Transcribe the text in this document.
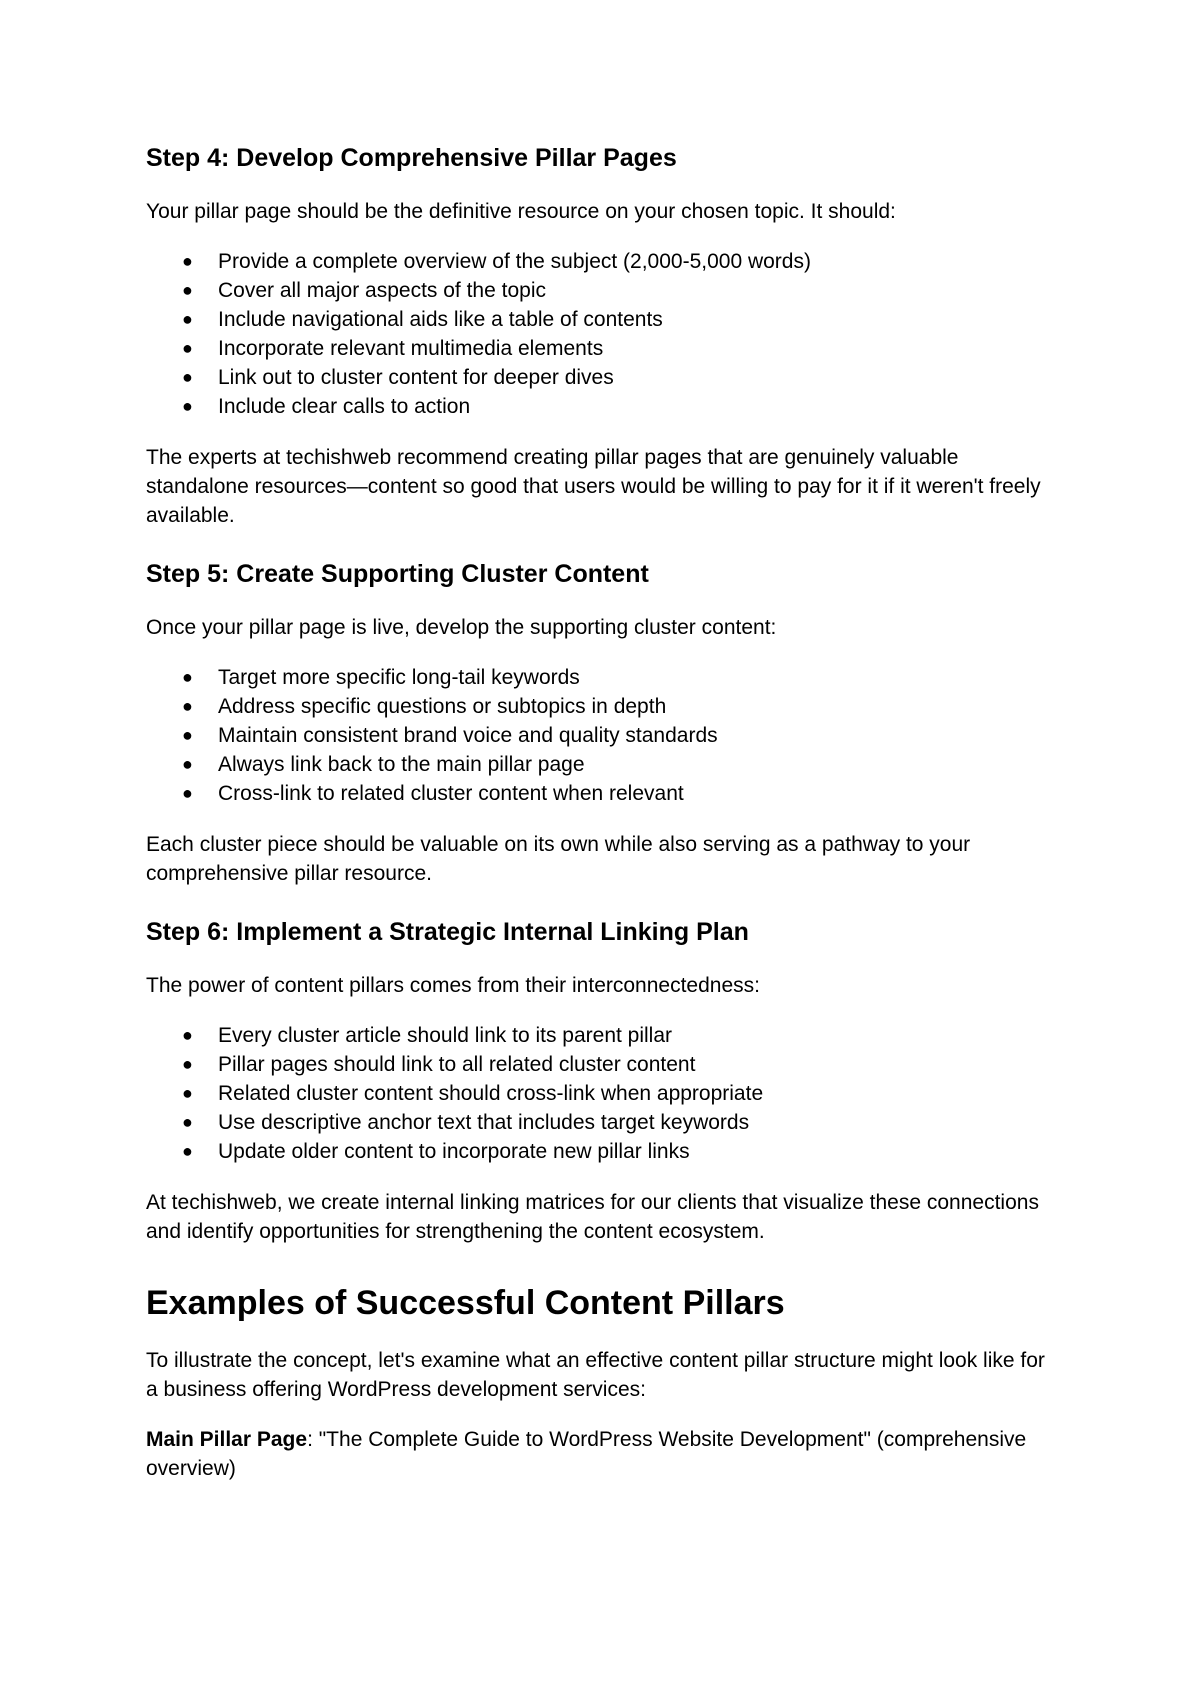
Step 4: Develop Comprehensive Pillar Pages

Your pillar page should be the definitive resource on your chosen topic. It should:

● Provide a complete overview of the subject (2,000-5,000 words)
● Cover all major aspects of the topic
● Include navigational aids like a table of contents
● Incorporate relevant multimedia elements
● Link out to cluster content for deeper dives
● Include clear calls to action

The experts at techishweb recommend creating pillar pages that are genuinely valuable standalone resources—content so good that users would be willing to pay for it if it weren't freely available.

Step 5: Create Supporting Cluster Content

Once your pillar page is live, develop the supporting cluster content:

● Target more specific long-tail keywords
● Address specific questions or subtopics in depth
● Maintain consistent brand voice and quality standards
● Always link back to the main pillar page
● Cross-link to related cluster content when relevant

Each cluster piece should be valuable on its own while also serving as a pathway to your comprehensive pillar resource.

Step 6: Implement a Strategic Internal Linking Plan

The power of content pillars comes from their interconnectedness:

● Every cluster article should link to its parent pillar
● Pillar pages should link to all related cluster content
● Related cluster content should cross-link when appropriate
● Use descriptive anchor text that includes target keywords
● Update older content to incorporate new pillar links

At techishweb, we create internal linking matrices for our clients that visualize these connections and identify opportunities for strengthening the content ecosystem.

Examples of Successful Content Pillars

To illustrate the concept, let's examine what an effective content pillar structure might look like for a business offering WordPress development services:

Main Pillar Page: "The Complete Guide to WordPress Website Development" (comprehensive overview)
